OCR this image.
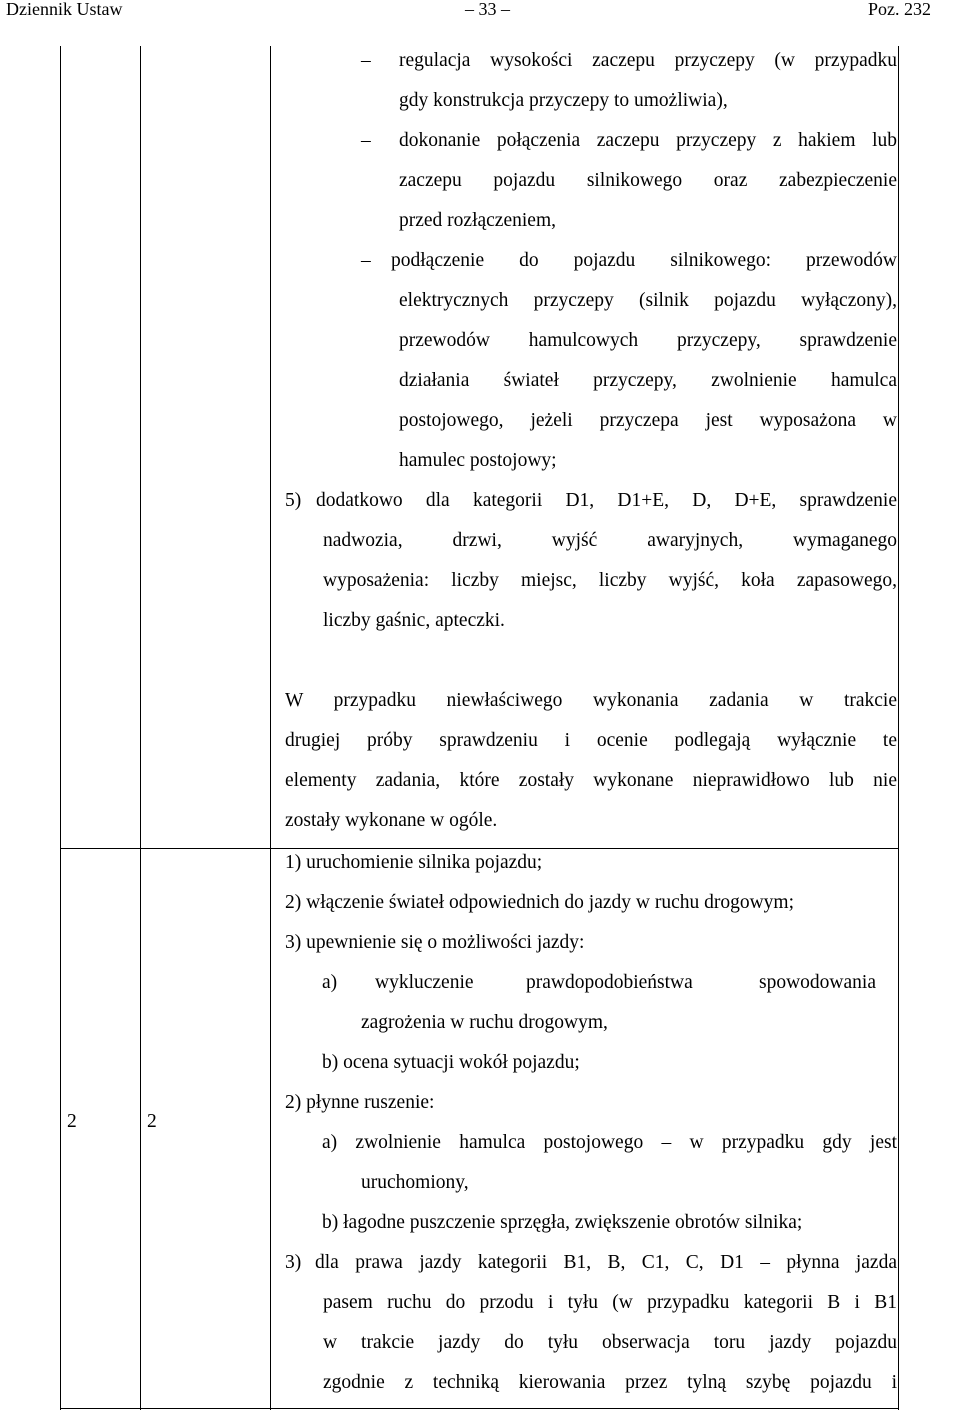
Dziennik Ustaw	– 33 –	Poz. 232
– regulacja wysokości zaczepu przyczepy (w przypadku
gdy konstrukcja przyczepy to umożliwia),
– dokonanie połączenia zaczepu przyczepy z hakiem lub
zaczepu pojazdu silnikowego oraz zabezpieczenie
przed rozłączeniem,
– podłączenie do pojazdu silnikowego: przewodów
elektrycznych przyczepy (silnik pojazdu wyłączony),
przewodów hamulcowych przyczepy, sprawdzenie
działania świateł przyczepy, zwolnienie hamulca
postojowego, jeżeli przyczepa jest wyposażona w
hamulec postojowy;
5) dodatkowo dla kategorii D1, D1+E, D, D+E, sprawdzenie
nadwozia, drzwi, wyjść awaryjnych, wymaganego
wyposażenia: liczby miejsc, liczby wyjść, koła zapasowego,
liczby gaśnic, apteczki.
W przypadku niewłaściwego wykonania zadania w trakcie
drugiej próby sprawdzeniu i ocenie podlegają wyłącznie te
elementy zadania, które zostały wykonane nieprawidłowo lub nie
zostały wykonane w ogóle.
2	2
1) uruchomienie silnika pojazdu;
2) włączenie świateł odpowiednich do jazdy w ruchu drogowym;
3) upewnienie się o możliwości jazdy:
a) wykluczenie	prawdopodobieństwa	spowodowania
zagrożenia w ruchu drogowym,
b) ocena sytuacji wokół pojazdu;
2) płynne ruszenie:
a) zwolnienie hamulca postojowego – w przypadku gdy jest
uruchomiony,
b) łagodne puszczenie sprzęgła, zwiększenie obrotów silnika;
3) dla prawa jazdy kategorii B1, B, C1, C, D1 – płynna jazda
pasem ruchu do przodu i tyłu (w przypadku kategorii B i B1
w trakcie jazdy do tyłu obserwacja toru jazdy pojazdu
zgodnie z techniką kierowania przez tylną szybę pojazdu i
